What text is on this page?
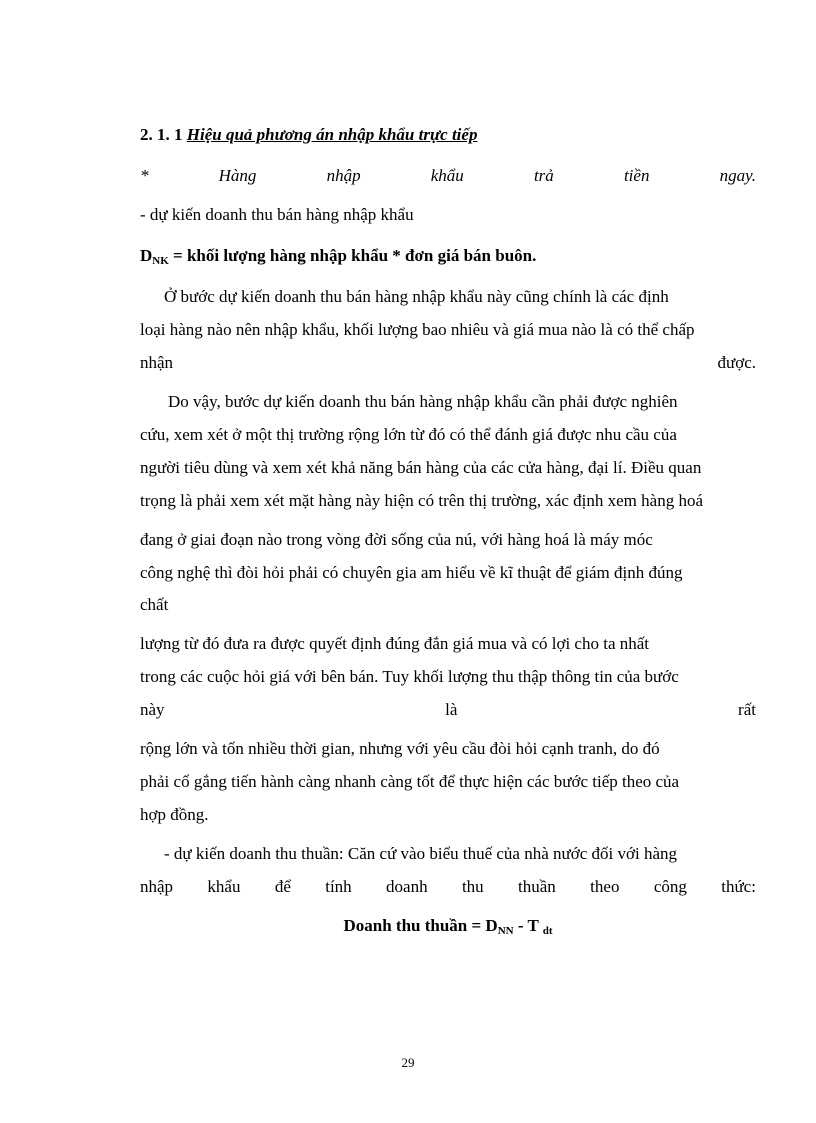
2. 1. 1 Hiệu quả phương án nhập khẩu trực tiếp
*	Hàng	nhập	khẩu	trả	tiền	ngay.
- dự kiến doanh thu bán hàng nhập khẩu
$D_{NK}$ = khối lượng hàng nhập khẩu * đơn giá bán buôn.
Ở bước dự kiến doanh thu bán hàng nhập khẩu này cũng chính là các định
loại hàng nào nên nhập khẩu, khối lượng bao nhiêu và giá mua nào là có thể chấp
nhận	được.
Do vậy, bước dự kiến doanh thu bán hàng nhập khẩu cần phải được nghiên
cứu, xem xét ở một thị trường rộng lớn từ đó có thể đánh giá được nhu cầu của
người tiêu dùng và xem xét khả năng bán hàng của các cửa hàng, đại lí. Điều quan
trọng là phải xem xét mặt hàng này hiện có trên thị trường, xác định xem hàng hoá
đang ở giai đoạn nào trong vòng đời sống của nú, với hàng hoá là máy móc
công nghệ thì đòi hỏi phải có chuyên gia am hiểu về kĩ thuật để giám định đúng
chất
lượng từ đó đưa ra được quyết định đúng đắn giá mua và có lợi cho ta nhất
trong các cuộc hỏi giá với bên bán. Tuy khối lượng thu thập thông tin của bước
này	là	rất
rộng lớn và tốn nhiều thời gian, nhưng với yêu cầu đòi hỏi cạnh tranh, do đó
phải cố gắng tiến hành càng nhanh càng tốt để thực hiện các bước tiếp theo của
hợp đồng.
- dự kiến doanh thu thuần: Căn cứ vào biểu thuế của nhà nước đối với hàng
nhập khẩu để tính doanh thu thuần theo công thức:
Doanh thu thuần = $D_{NN}$ - T $_{dt}$
29
